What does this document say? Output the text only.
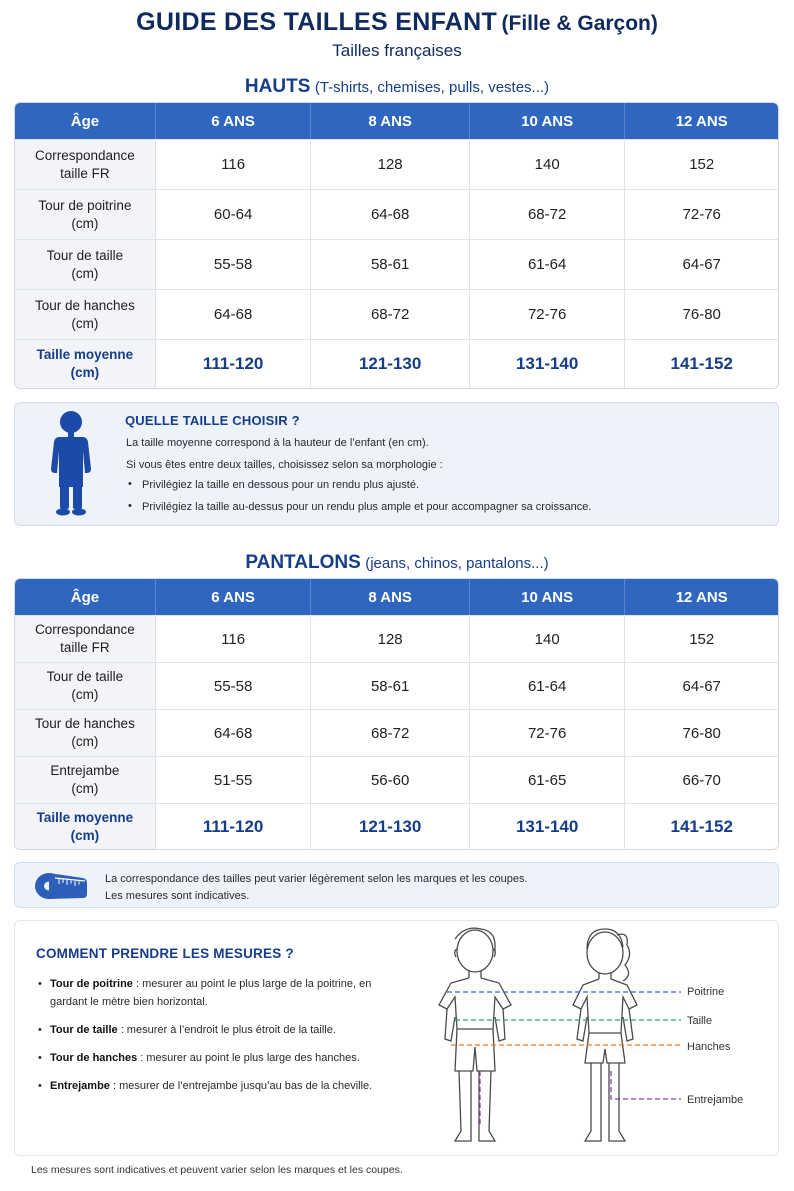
GUIDE DES TAILLES ENFANT (Fille & Garçon)
Tailles françaises
HAUTS (T-shirts, chemises, pulls, vestes...)
Âge	6 ANS	8 ANS	10 ANS	12 ANS
Correspondance
taille FR	116	128	140	152
Tour de poitrine
(cm)	60-64	64-68	68-72	72-76
Tour de taille
(cm)	55-58	58-61	61-64	64-67
Tour de hanches
(cm)	64-68	68-72	72-76	76-80
Taille moyenne
(cm)	111-120	121-130	131-140	141-152
QUELLE TAILLE CHOISIR ?

La taille moyenne correspond à la hauteur de l’enfant (en cm).

Si vous êtes entre deux tailles, choisissez selon sa morphologie :

• Privilégiez la taille en dessous pour un rendu plus ajusté.
• Privilégiez la taille au-dessus pour un rendu plus ample et pour accompagner sa croissance.
PANTALONS (jeans, chinos, pantalons...)
Âge	6 ANS	8 ANS	10 ANS	12 ANS
Correspondance
taille FR	116	128	140	152
Tour de taille
(cm)	55-58	58-61	61-64	64-67
Tour de hanches
(cm)	64-68	68-72	72-76	76-80
Entrejambe
(cm)	51-55	56-60	61-65	66-70
Taille moyenne
(cm)	111-120	121-130	131-140	141-152

La correspondance des tailles peut varier légèrement selon les marques et les coupes.

Les mesures sont indicatives.

COMMENT PRENDRE LES MESURES ?
• Tour de poitrine : mesurer au point le plus large de la poitrine, en gardant le mètre bien horizontal.
• Tour de taille : mesurer à l’endroit le plus étroit de la taille.
• Tour de hanches : mesurer au point le plus large des hanches.
• Entrejambe : mesurer de l’entrejambe jusqu’au bas de la cheville.
Poitrine
Taille
Hanches
Entrejambe
Les mesures sont indicatives et peuvent varier selon les marques et les coupes.
